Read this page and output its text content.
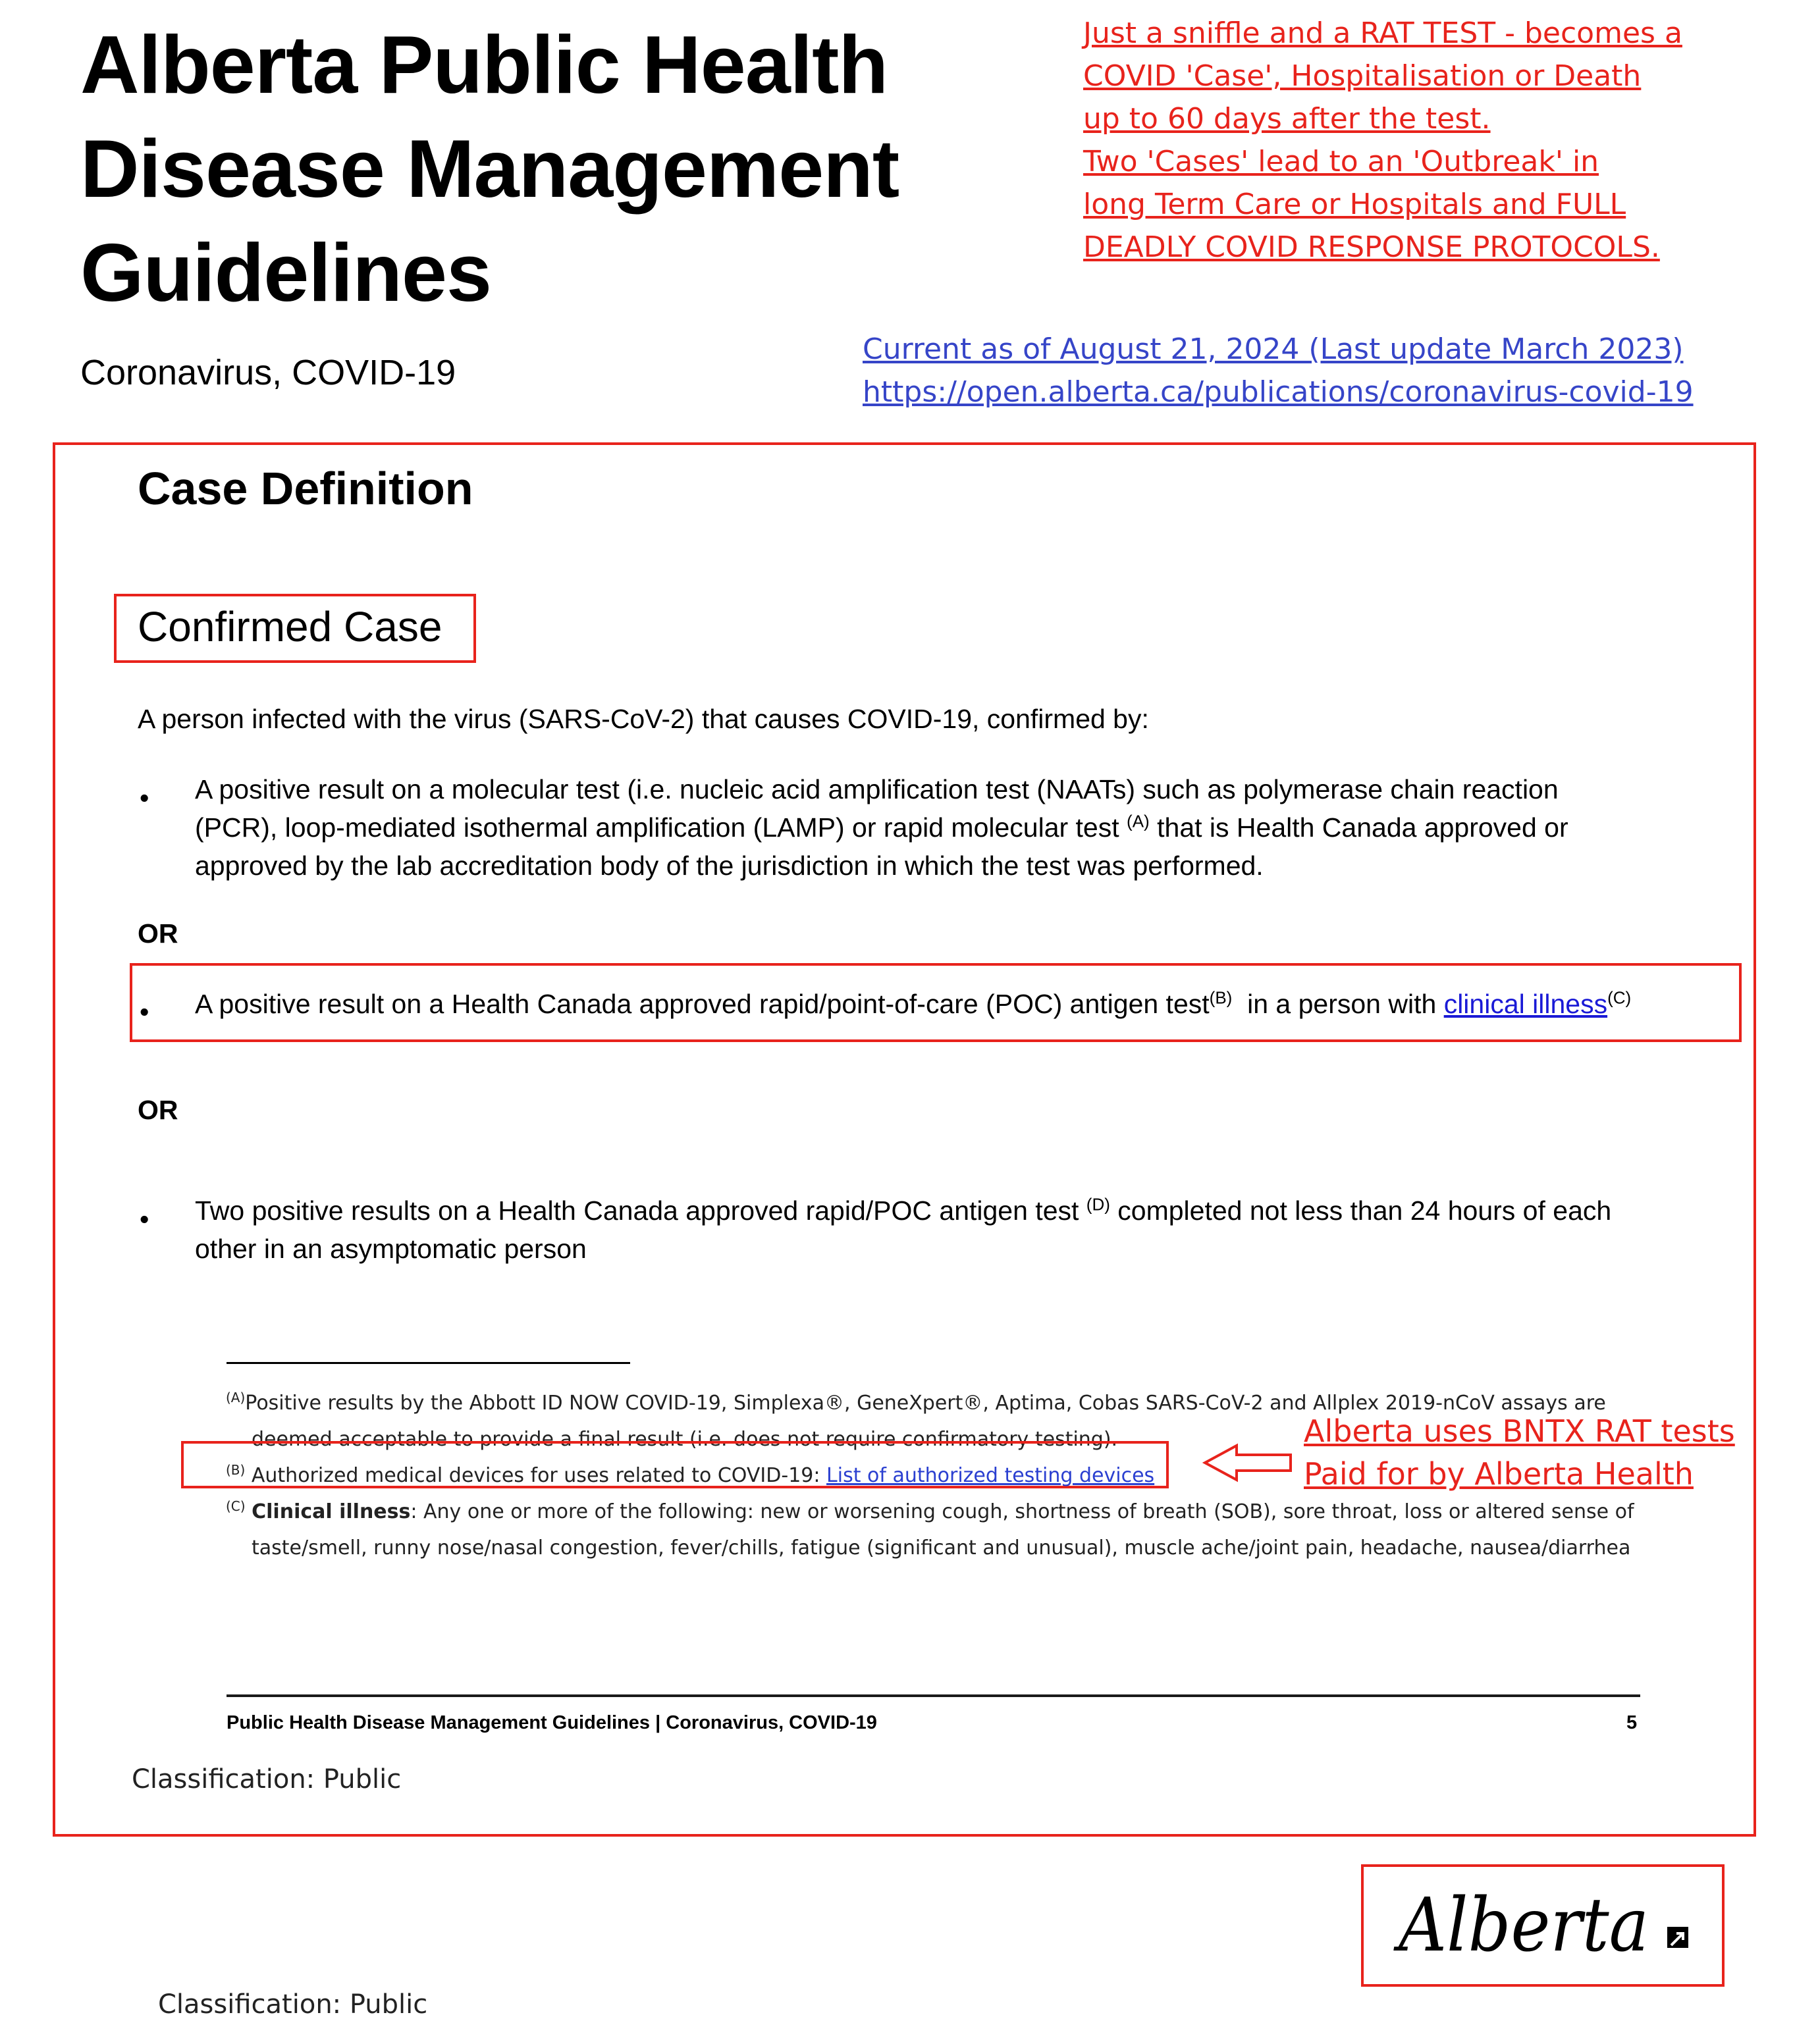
Alberta Public Health
Disease Management
Guidelines
Coronavirus, COVID-19
Just a sniffle and a RAT TEST - becomes a
COVID 'Case', Hospitalisation or Death
up to 60 days after the test.
Two 'Cases' lead to an 'Outbreak' in
long Term Care or Hospitals and FULL
DEADLY COVID RESPONSE PROTOCOLS.
Current as of August 21, 2024 (Last update March 2023)
https://open.alberta.ca/publications/coronavirus-covid-19
Case Definition
Confirmed Case
A person infected with the virus (SARS-CoV-2) that causes COVID-19, confirmed by:
• A positive result on a molecular test (i.e. nucleic acid amplification test (NAATs) such as polymerase chain reaction
(PCR), loop-mediated isothermal amplification (LAMP) or rapid molecular test $^{(A)}$ that is Health Canada approved or
approved by the lab accreditation body of the jurisdiction in which the test was performed.
OR
• A positive result on a Health Canada approved rapid/point-of-care (POC) antigen test$^{(B)}$ in a person with clinical illness$^{(C)}$
OR
• Two positive results on a Health Canada approved rapid/POC antigen test $^{(D)}$ completed not less than 24 hours of each
other in an asymptomatic person
$^{(A)}$Positive results by the Abbott ID NOW COVID-19, Simplexa®, GeneXpert®, Aptima, Cobas SARS-CoV-2 and Allplex 2019-nCoV assays are
deemed acceptable to provide a final result (i.e. does not require confirmatory testing).
$^{(B)}$ Authorized medical devices for uses related to COVID-19: List of authorized testing devices
$^{(C)}$ Clinical illness: Any one or more of the following: new or worsening cough, shortness of breath (SOB), sore throat, loss or altered sense of
taste/smell, runny nose/nasal congestion, fever/chills, fatigue (significant and unusual), muscle ache/joint pain, headache, nausea/diarrhea
Alberta uses BNTX RAT tests
Paid for by Alberta Health
Public Health Disease Management Guidelines | Coronavirus, COVID-19	5
Classification: Public
Alberta
Classification: Public
